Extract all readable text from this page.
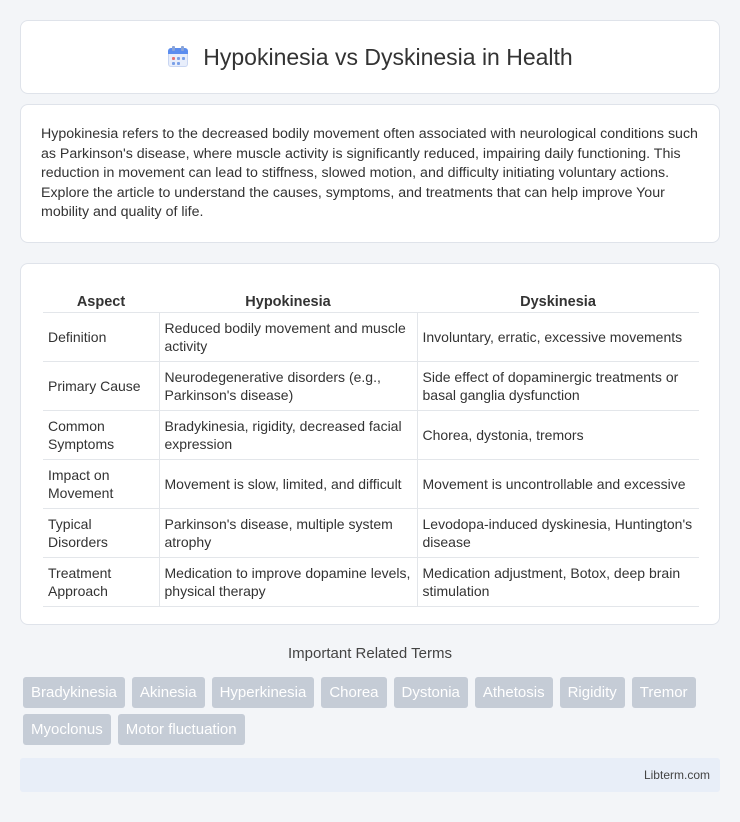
Hypokinesia vs Dyskinesia in Health

Hypokinesia refers to the decreased bodily movement often associated with neurological conditions such as Parkinson's disease, where muscle activity is significantly reduced, impairing daily functioning. This reduction in movement can lead to stiffness, slowed motion, and difficulty initiating voluntary actions. Explore the article to understand the causes, symptoms, and treatments that can help improve Your mobility and quality of life.

Aspect	Hypokinesia	Dyskinesia
Definition	Reduced bodily movement and muscle activity	Involuntary, erratic, excessive movements
Primary Cause	Neurodegenerative disorders (e.g., Parkinson's disease)	Side effect of dopaminergic treatments or basal ganglia dysfunction
Common Symptoms	Bradykinesia, rigidity, decreased facial expression	Chorea, dystonia, tremors
Impact on Movement	Movement is slow, limited, and difficult	Movement is uncontrollable and excessive
Typical Disorders	Parkinson's disease, multiple system atrophy	Levodopa-induced dyskinesia, Huntington's disease
Treatment Approach	Medication to improve dopamine levels, physical therapy	Medication adjustment, Botox, deep brain stimulation
Important Related Terms
Bradykinesia	Akinesia	Hyperkinesia	Chorea	Dystonia	Athetosis	Rigidity	Tremor
Myoclonus	Motor fluctuation
Libterm.com
